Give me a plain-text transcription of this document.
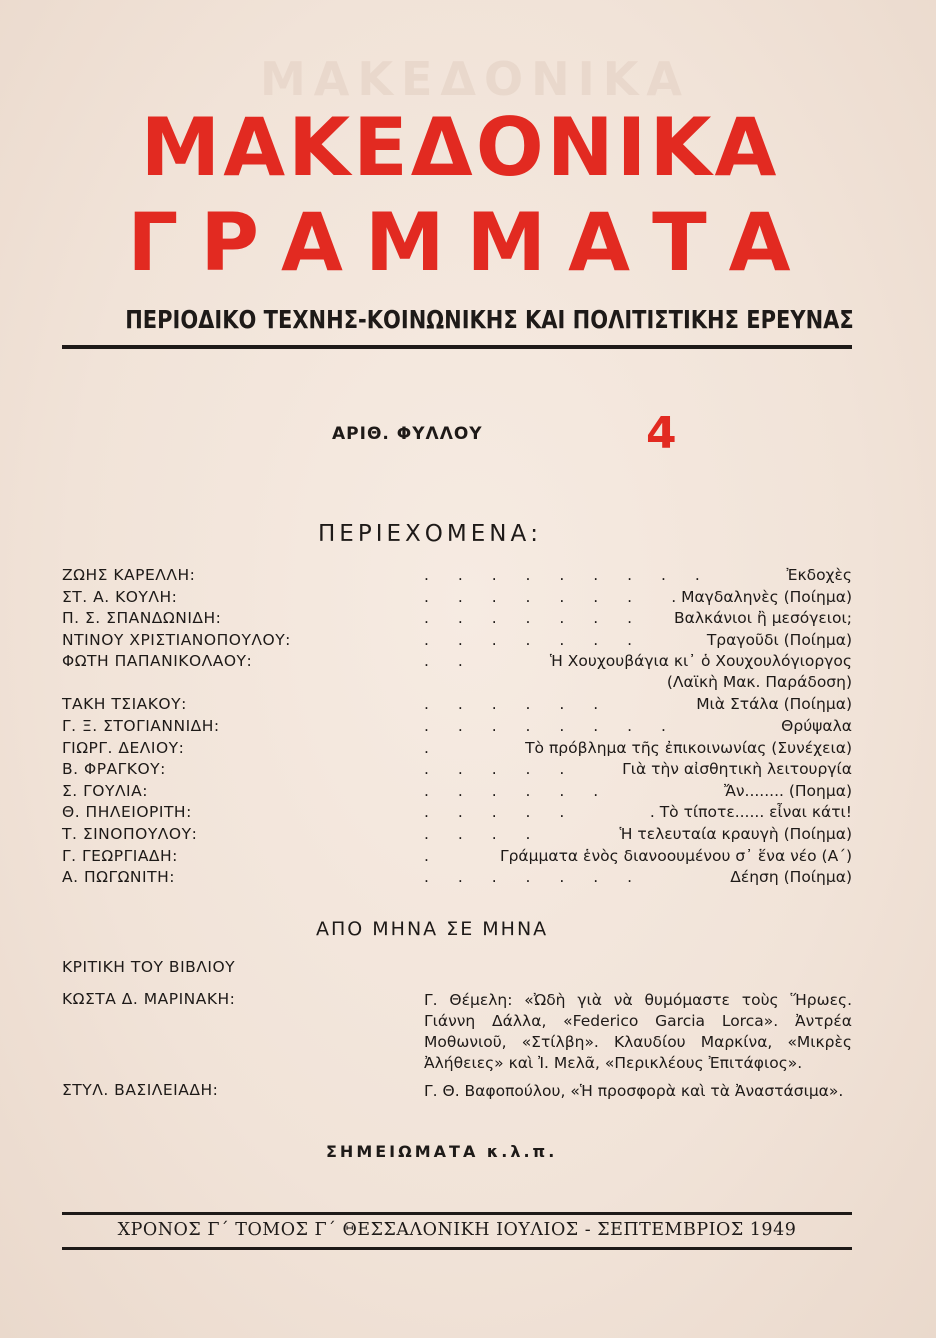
ΜΑΚΕΔΟΝΙΚΑ
ΜΑΚΕΔΟΝΙΚΑ
ΓΡΑΜΜΑΤΑ
ΠΕΡΙΟΔΙΚΟ ΤΕΧΝΗΣ-ΚΟΙΝΩΝΙΚΗΣ ΚΑΙ ΠΟΛΙΤΙΣΤΙΚΗΣ ΕΡΕΥΝΑΣ
ΑΡΙΘ. ΦΥΛΛΟΥ	4
ΠΕΡΙΕΧΟΜΕΝΑ:
ΖΩΗΣ ΚΑΡΕΛΛΗ:	. . . . . . . . .	Ἐκδοχὲς
ΣΤ. Α. ΚΟΥΛΗ:	. . . . . . . . Μαγδαληνὲς (Ποίημα)
Π. Σ. ΣΠΑΝΔΩΝΙΔΗ:	. . . . . . . Βαλκάνιοι ἢ μεσόγειοι;
ΝΤΙΝΟΥ ΧΡΙΣΤΙΑΝΟΠΟΥΛΟΥ:	. . . . . . .	Τραγοῦδι (Ποίημα)
ΦΩΤΗ ΠΑΠΑΝΙΚΟΛΑΟΥ:	. .	Ἡ Χουχουβάγια κι᾽ ὁ Χουχουλόγιοργος
(Λαϊκὴ Μακ. Παράδοση)
ΤΑΚΗ ΤΣΙΑΚΟΥ:	. . . . . .	Μιὰ Στάλα (Ποίημα)
Γ. Ξ. ΣΤΟΓΙΑΝΝΙΔΗ:	. . . . . . . .	Θρύψαλα
ΓΙΩΡΓ. ΔΕΛΙΟΥ:	.	Τὸ πρόβλημα τῆς ἐπικοινωνίας (Συνέχεια)
Β. ΦΡΑΓΚΟΥ:	. . . . .	Γιὰ τὴν αἰσθητικὴ λειτουργία
Σ. ΓΟΥΛΙΑ:	. . . . . .	Ἄν........ (Ποημα)
Θ. ΠΗΛΕΙΟΡΙΤΗ:	. . . . .	. Τὸ τίποτε...... εἶναι κάτι!
Τ. ΣΙΝΟΠΟΥΛΟΥ:	. . . .	Ἡ τελευταία κραυγὴ (Ποίημα)
Γ. ΓΕΩΡΓΙΑΔΗ:	.	Γράμματα ἑνὸς διανοουμένου σ᾽ ἕνα νέο (Α΄)
Α. ΠΩΓΩΝΙΤΗ:	. . . . . . .	Δέηση (Ποίημα)
ΑΠΟ ΜΗΝΑ ΣΕ ΜΗΝΑ
ΚΡΙΤΙΚΗ ΤΟΥ ΒΙΒΛΙΟΥ
ΚΩΣΤΑ Δ. ΜΑΡΙΝΑΚΗ:	Γ. Θέμελη: «Ὠδὴ γιὰ νὰ θυμόμαστε τοὺς Ἥρωες. Γιάννη Δάλλα, «Federico Garcia Lorca». Ἀντρέα Μοθωνιοῦ, «Στίλβη». Κλαυδίου Μαρκίνα, «Μικρὲς Ἀλήθειες» καὶ Ἰ. Μελᾶ, «Περικλέους Ἐπιτάφιος».
ΣΤΥΛ. ΒΑΣΙΛΕΙΑΔΗ:	Γ. Θ. Βαφοπούλου, «Ἡ προσφορὰ καὶ τὰ Ἀναστάσιμα».
ΣΗΜΕΙΩΜΑΤΑ κ.λ.π.
ΧΡΟΝΟΣ Γ΄ ΤΟΜΟΣ Γ΄ ΘΕΣΣΑΛΟΝΙΚΗ ΙΟΥΛΙΟΣ - ΣΕΠΤΕΜΒΡΙΟΣ 1949
